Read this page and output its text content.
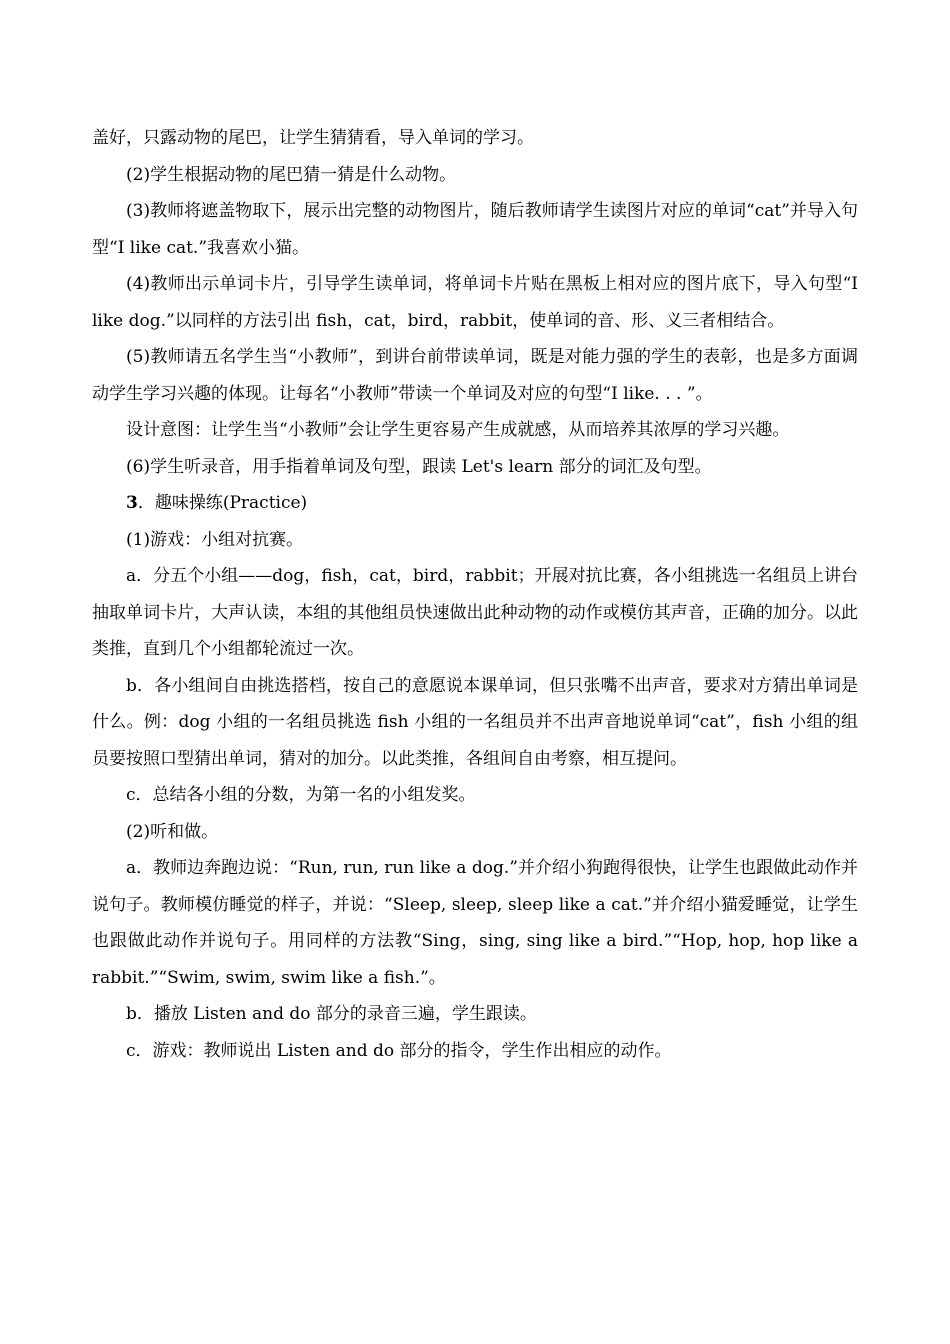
盖好，只露动物的尾巴，让学生猜猜看，导入单词的学习。

(2)学生根据动物的尾巴猜一猜是什么动物。

(3)教师将遮盖物取下，展示出完整的动物图片，随后教师请学生读图片对应的单词“cat”并导入句型“I like cat.”我喜欢小猫。

(4)教师出示单词卡片，引导学生读单词，将单词卡片贴在黑板上相对应的图片底下，导入句型“I like dog.”以同样的方法引出 fish，cat，bird，rabbit，使单词的音、形、义三者相结合。

(5)教师请五名学生当“小教师”，到讲台前带读单词，既是对能力强的学生的表彰，也是多方面调动学生学习兴趣的体现。让每名“小教师”带读一个单词及对应的句型“I like. . . ”。

设计意图：让学生当“小教师”会让学生更容易产生成就感，从而培养其浓厚的学习兴趣。

(6)学生听录音，用手指着单词及句型，跟读 Let's learn 部分的词汇及句型。

3．趣味操练(Practice)

(1)游戏：小组对抗赛。

a．分五个小组——dog，fish，cat，bird，rabbit；开展对抗比赛，各小组挑选一名组员上讲台抽取单词卡片，大声认读，本组的其他组员快速做出此种动物的动作或模仿其声音，正确的加分。以此类推，直到几个小组都轮流过一次。

b．各小组间自由挑选搭档，按自己的意愿说本课单词，但只张嘴不出声音，要求对方猜出单词是什么。例：dog 小组的一名组员挑选 fish 小组的一名组员并不出声音地说单词“cat”，fish 小组的组员要按照口型猜出单词，猜对的加分。以此类推，各组间自由考察，相互提问。

c．总结各小组的分数，为第一名的小组发奖。

(2)听和做。

a．教师边奔跑边说：“Run, run, run like a dog.”并介绍小狗跑得很快，让学生也跟做此动作并说句子。教师模仿睡觉的样子，并说：“Sleep, sleep, sleep like a cat.”并介绍小猫爱睡觉，让学生也跟做此动作并说句子。用同样的方法教“Sing，sing, sing like a bird.”“Hop, hop, hop like a rabbit.”“Swim, swim, swim like a fish.”。

b．播放 Listen and do 部分的录音三遍，学生跟读。

c．游戏：教师说出 Listen and do 部分的指令，学生作出相应的动作。
